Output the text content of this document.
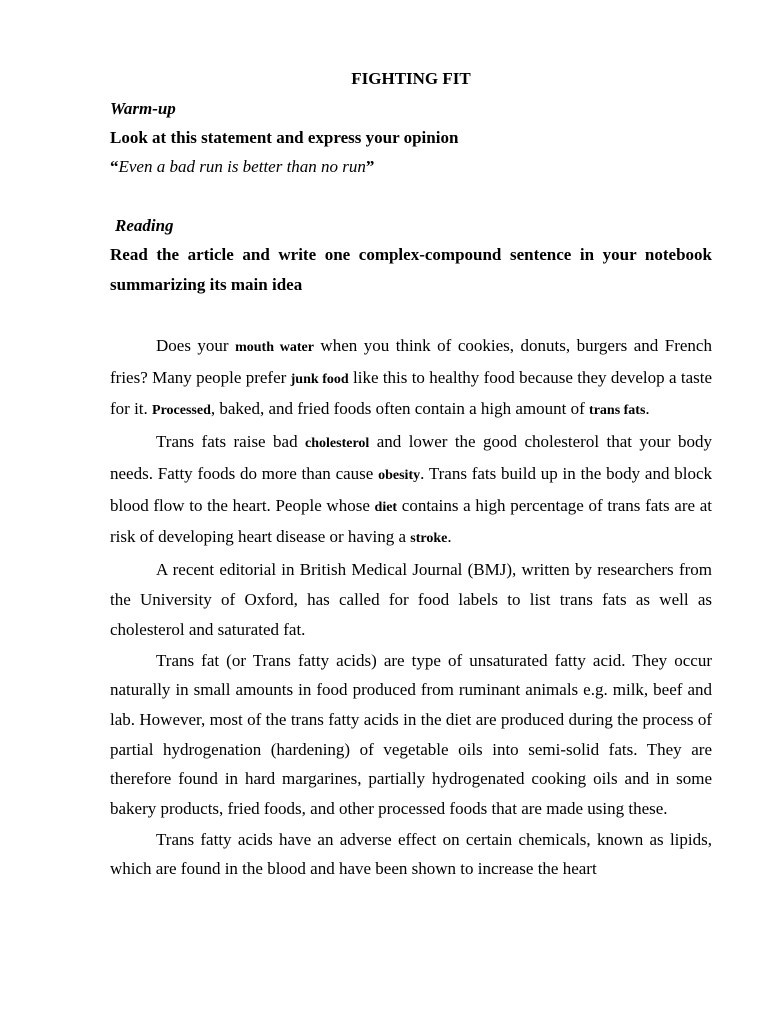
FIGHTING FIT
Warm-up
Look at this statement and express your opinion
“Even a bad run is better than no run”
Reading
Read the article and write one complex-compound sentence in your notebook summarizing its main idea

Does your mouth water when you think of cookies, donuts, burgers and French fries? Many people prefer junk food like this to healthy food because they develop a taste for it. Processed, baked, and fried foods often contain a high amount of trans fats.

Trans fats raise bad cholesterol and lower the good cholesterol that your body needs. Fatty foods do more than cause obesity. Trans fats build up in the body and block blood flow to the heart. People whose diet contains a high percentage of trans fats are at risk of developing heart disease or having a stroke.

A recent editorial in British Medical Journal (BMJ), written by researchers from the University of Oxford, has called for food labels to list trans fats as well as cholesterol and saturated fat.

Trans fat (or Trans fatty acids) are type of unsaturated fatty acid. They occur naturally in small amounts in food produced from ruminant animals e.g. milk, beef and lab. However, most of the trans fatty acids in the diet are produced during the process of partial hydrogenation (hardening) of vegetable oils into semi-solid fats. They are therefore found in hard margarines, partially hydrogenated cooking oils and in some bakery products, fried foods, and other processed foods that are made using these.

Trans fatty acids have an adverse effect on certain chemicals, known as lipids, which are found in the blood and have been shown to increase the heart
